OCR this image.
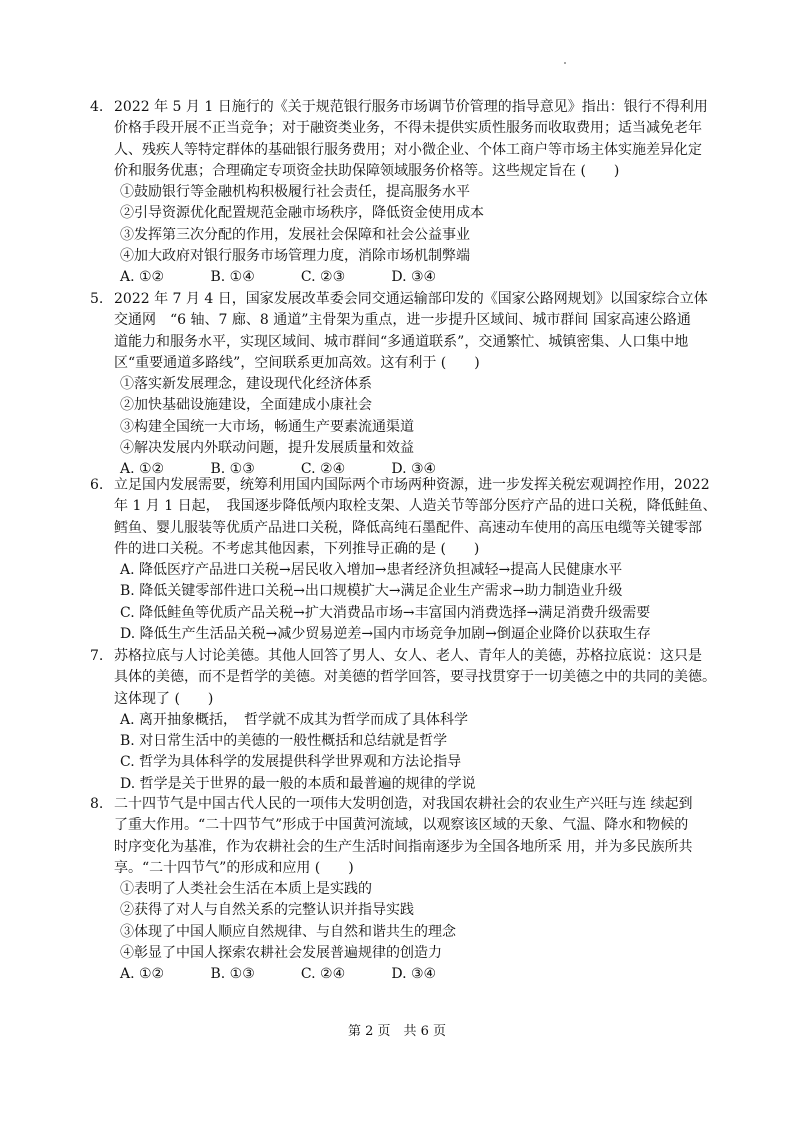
4. 2022 年 5 月 1 日施行的《关于规范银行服务市场调节价管理的指导意见》指出：银行不得利用
价格手段开展不正当竞争；对于融资类业务，不得未提供实质性服务而收取费用；适当减免老年
人、残疾人等特定群体的基础银行服务费用；对小微企业、个体工商户等市场主体实施差异化定
价和服务优惠；合理确定专项资金扶助保障领域服务价格等。这些规定旨在 (　　)
①鼓励银行等金融机构积极履行社会责任，提高服务水平
②引导资源优化配置规范金融市场秩序，降低资金使用成本
③发挥第三次分配的作用，发展社会保障和社会公益事业
④加大政府对银行服务市场管理力度，消除市场机制弊端
A. ①②	B. ①④	C. ②③	D. ③④
5. 2022 年 7 月 4 日，国家发展改革委会同交通运输部印发的《国家公路网规划》以国家综合立体
交通网　“6 轴、7 廊、8 通道”主骨架为重点，进一步提升区域间、城市群间 国家高速公路通
道能力和服务水平，实现区域间、城市群间“多通道联系”，交通繁忙、城镇密集、人口集中地
区“重要通道多路线”，空间联系更加高效。这有利于 (　　)
①落实新发展理念，建设现代化经济体系
②加快基础设施建设，全面建成小康社会
③构建全国统一大市场，畅通生产要素流通渠道
④解决发展内外联动问题，提升发展质量和效益
A. ①②	B. ①③	C. ②④	D. ③④
6. 立足国内发展需要，统筹利用国内国际两个市场两种资源，进一步发挥关税宏观调控作用，2022
年 1 月 1 日起，　我国逐步降低颅内取栓支架、人造关节等部分医疗产品的进口关税，降低鲑鱼、
鳕鱼、婴儿服装等优质产品进口关税，降低高纯石墨配件、高速动车使用的高压电缆等关键零部
件的进口关税。不考虑其他因素，下列推导正确的是 (　　)
A. 降低医疗产品进口关税→居民收入增加→患者经济负担减轻→提高人民健康水平
B. 降低关键零部件进口关税→出口规模扩大→满足企业生产需求→助力制造业升级
C. 降低鲑鱼等优质产品关税→扩大消费品市场→丰富国内消费选择→满足消费升级需要
D. 降低生产生活品关税→减少贸易逆差→国内市场竞争加剧→倒逼企业降价以获取生存
7. 苏格拉底与人讨论美德。其他人回答了男人、女人、老人、青年人的美德，苏格拉底说：这只是
具体的美德，而不是哲学的美德。对美德的哲学回答，要寻找贯穿于一切美德之中的共同的美德。
这体现了 (　　)
A. 离开抽象概括，　哲学就不成其为哲学而成了具体科学
B. 对日常生活中的美德的一般性概括和总结就是哲学
C. 哲学为具体科学的发展提供科学世界观和方法论指导
D. 哲学是关于世界的最一般的本质和最普遍的规律的学说
8. 二十四节气是中国古代人民的一项伟大发明创造，对我国农耕社会的农业生产兴旺与连 续起到
了重大作用。“二十四节气”形成于中国黄河流域，以观察该区域的天象、气温、降水和物候的
时序变化为基准，作为农耕社会的生产生活时间指南逐步为全国各地所采 用，并为多民族所共
享。“二十四节气”的形成和应用 (　　)
①表明了人类社会生活在本质上是实践的
②获得了对人与自然关系的完整认识并指导实践
③体现了中国人顺应自然规律、与自然和谐共生的理念
④彰显了中国人探索农耕社会发展普遍规律的创造力
A. ①②	B. ①③	C. ②④	D. ③④
第 2 页　共 6 页
